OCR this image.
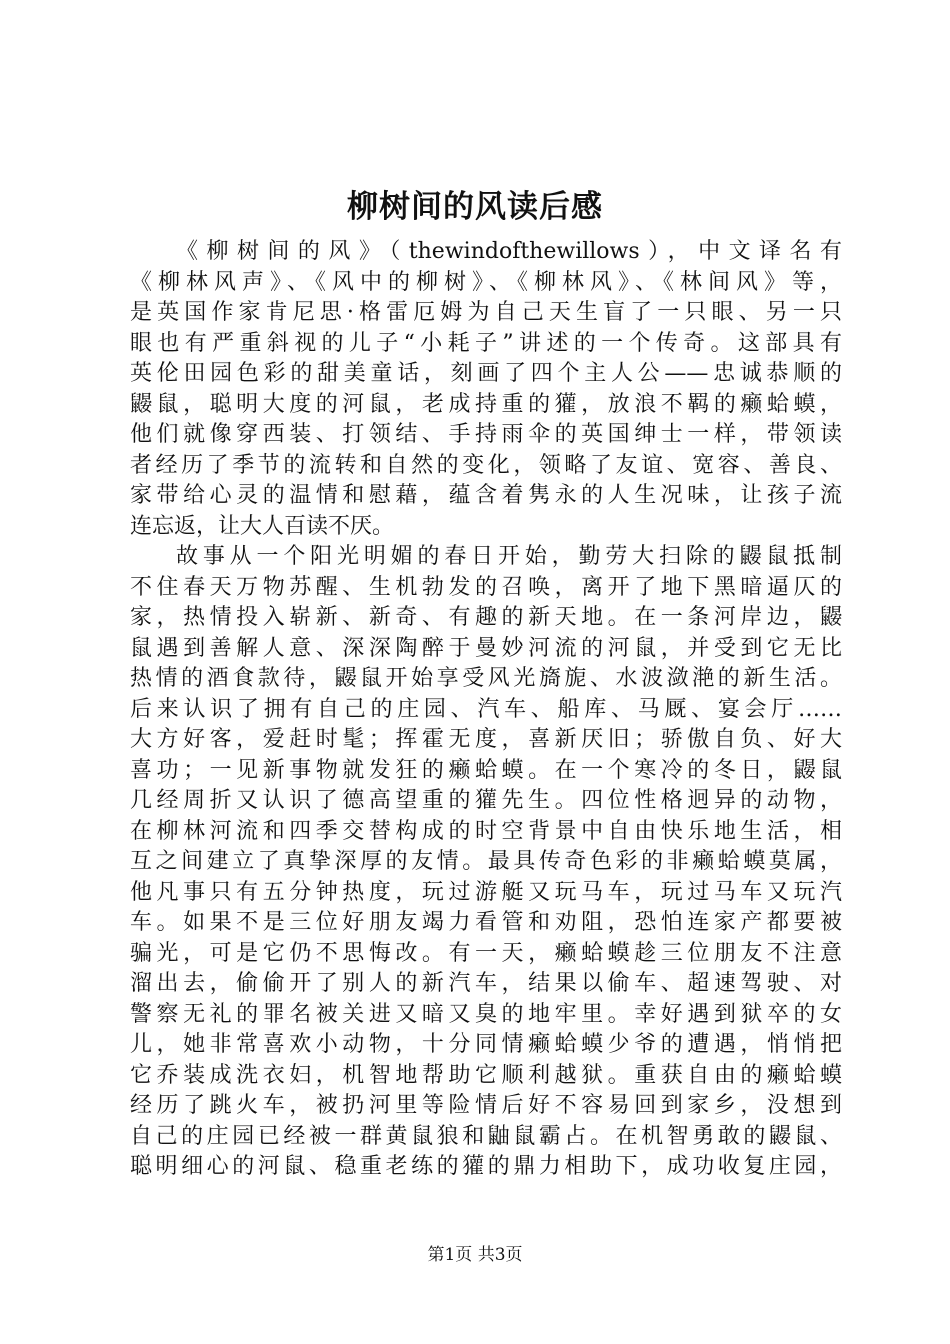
柳树间的风读后感
《柳树间的风》（thewindofthewillows），中文译名有
《柳林风声》、《风中的柳树》、《柳林风》、《林间风》等，
是英国作家肯尼思·格雷厄姆为自己天生盲了一只眼、另一只
眼也有严重斜视的儿子“小耗子”讲述的一个传奇。这部具有
英伦田园色彩的甜美童话，刻画了四个主人公——忠诚恭顺的
鼹鼠，聪明大度的河鼠，老成持重的獾，放浪不羁的癞蛤蟆，
他们就像穿西装、打领结、手持雨伞的英国绅士一样，带领读
者经历了季节的流转和自然的变化，领略了友谊、宽容、善良、
家带给心灵的温情和慰藉，蕴含着隽永的人生况味，让孩子流
连忘返，让大人百读不厌。
故事从一个阳光明媚的春日开始，勤劳大扫除的鼹鼠抵制
不住春天万物苏醒、生机勃发的召唤，离开了地下黑暗逼仄的
家，热情投入崭新、新奇、有趣的新天地。在一条河岸边，鼹
鼠遇到善解人意、深深陶醉于曼妙河流的河鼠，并受到它无比
热情的酒食款待，鼹鼠开始享受风光旖旎、水波潋滟的新生活。
后来认识了拥有自己的庄园、汽车、船库、马厩、宴会厅……
大方好客，爱赶时髦；挥霍无度，喜新厌旧；骄傲自负、好大
喜功；一见新事物就发狂的癞蛤蟆。在一个寒冷的冬日，鼹鼠
几经周折又认识了德高望重的獾先生。四位性格迥异的动物，
在柳林河流和四季交替构成的时空背景中自由快乐地生活，相
互之间建立了真挚深厚的友情。最具传奇色彩的非癞蛤蟆莫属，
他凡事只有五分钟热度，玩过游艇又玩马车，玩过马车又玩汽
车。如果不是三位好朋友竭力看管和劝阻，恐怕连家产都要被
骗光，可是它仍不思悔改。有一天，癞蛤蟆趁三位朋友不注意
溜出去，偷偷开了别人的新汽车，结果以偷车、超速驾驶、对
警察无礼的罪名被关进又暗又臭的地牢里。幸好遇到狱卒的女
儿，她非常喜欢小动物，十分同情癞蛤蟆少爷的遭遇，悄悄把
它乔装成洗衣妇，机智地帮助它顺利越狱。重获自由的癞蛤蟆
经历了跳火车，被扔河里等险情后好不容易回到家乡，没想到
自己的庄园已经被一群黄鼠狼和鼬鼠霸占。在机智勇敢的鼹鼠、
聪明细心的河鼠、稳重老练的獾的鼎力相助下，成功收复庄园，
第1页 共3页
